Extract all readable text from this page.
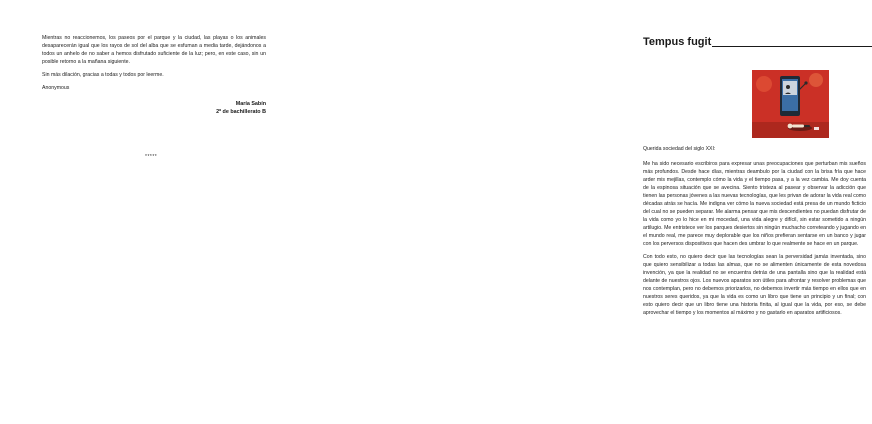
Mientras no reaccionemos, los paseos por el parque y la ciudad, las playas o los animales desaparecerán igual que los rayos de sol del alba que se esfuman a media tarde, dejándonos a todos un anhelo de no saber a hemos disfrutado suficiente de la luz; pero, en este caso, sin un posible retorno a la mañana siguiente.

Sin más dilación, gracias a todas y todos por leerme.

Anonymous

María Sabín

2º de bachillerato B

*****
Tempus fugit

Querida sociedad del siglo XXI:

Me ha sido necesario escribiros para expresar unas preocupaciones que perturban mis sueños más profundos. Desde hace días, mientras deambulo por la ciudad con la brisa fría que hace arder mis mejillas, contemplo cómo la vida y el tiempo pasa, y a la vez cambia. Me doy cuenta de la espinosa situación que se avecina. Siento tristeza al pasear y observar la adicción que tienen las personas jóvenes a las nuevas tecnologías, que les privan de adorar la vida real como décadas atrás se hacía. Me indigna ver cómo la nueva sociedad está presa de un mundo ficticio del cual no se pueden separar. Me alarma pensar que mis descendientes no puedan disfrutar de la vida como yo lo hice en mi mocedad, una vida alegre y difícil, sin estar sometido a ningún artilugio. Me entristece ver los parques desiertos sin ningún muchacho correteando y jugando en el mundo real, me parece muy deplorable que los niños prefieran sentarse en un banco y jugar con los perversos dispositivos que hacen des umbrar lo que realmente se hace en un parque.

Con todo esto, no quiero decir que las tecnologías sean la perversidad jamás inventada, sino que quiero sensibilizar a todas las almas, que no se alimenten únicamente de esta novedosa invención, ya que la realidad no se encuentra detrás de una pantalla sino que la realidad está delante de nuestros ojos. Los nuevos aparatos son útiles para afrontar y resolver problemas que nos contemplan, pero no debemos priorizarlos, no debemos invertir más tiempo en ellos que en nuestros seres queridos, ya que la vida es como un libro que tiene un principio y un final; con esto quiero decir que un libro tiene una historia finita, al igual que la vida, por eso, se debe aprovechar el tiempo y los momentos al máximo y no gastarlo en aparatos artificiosos.
